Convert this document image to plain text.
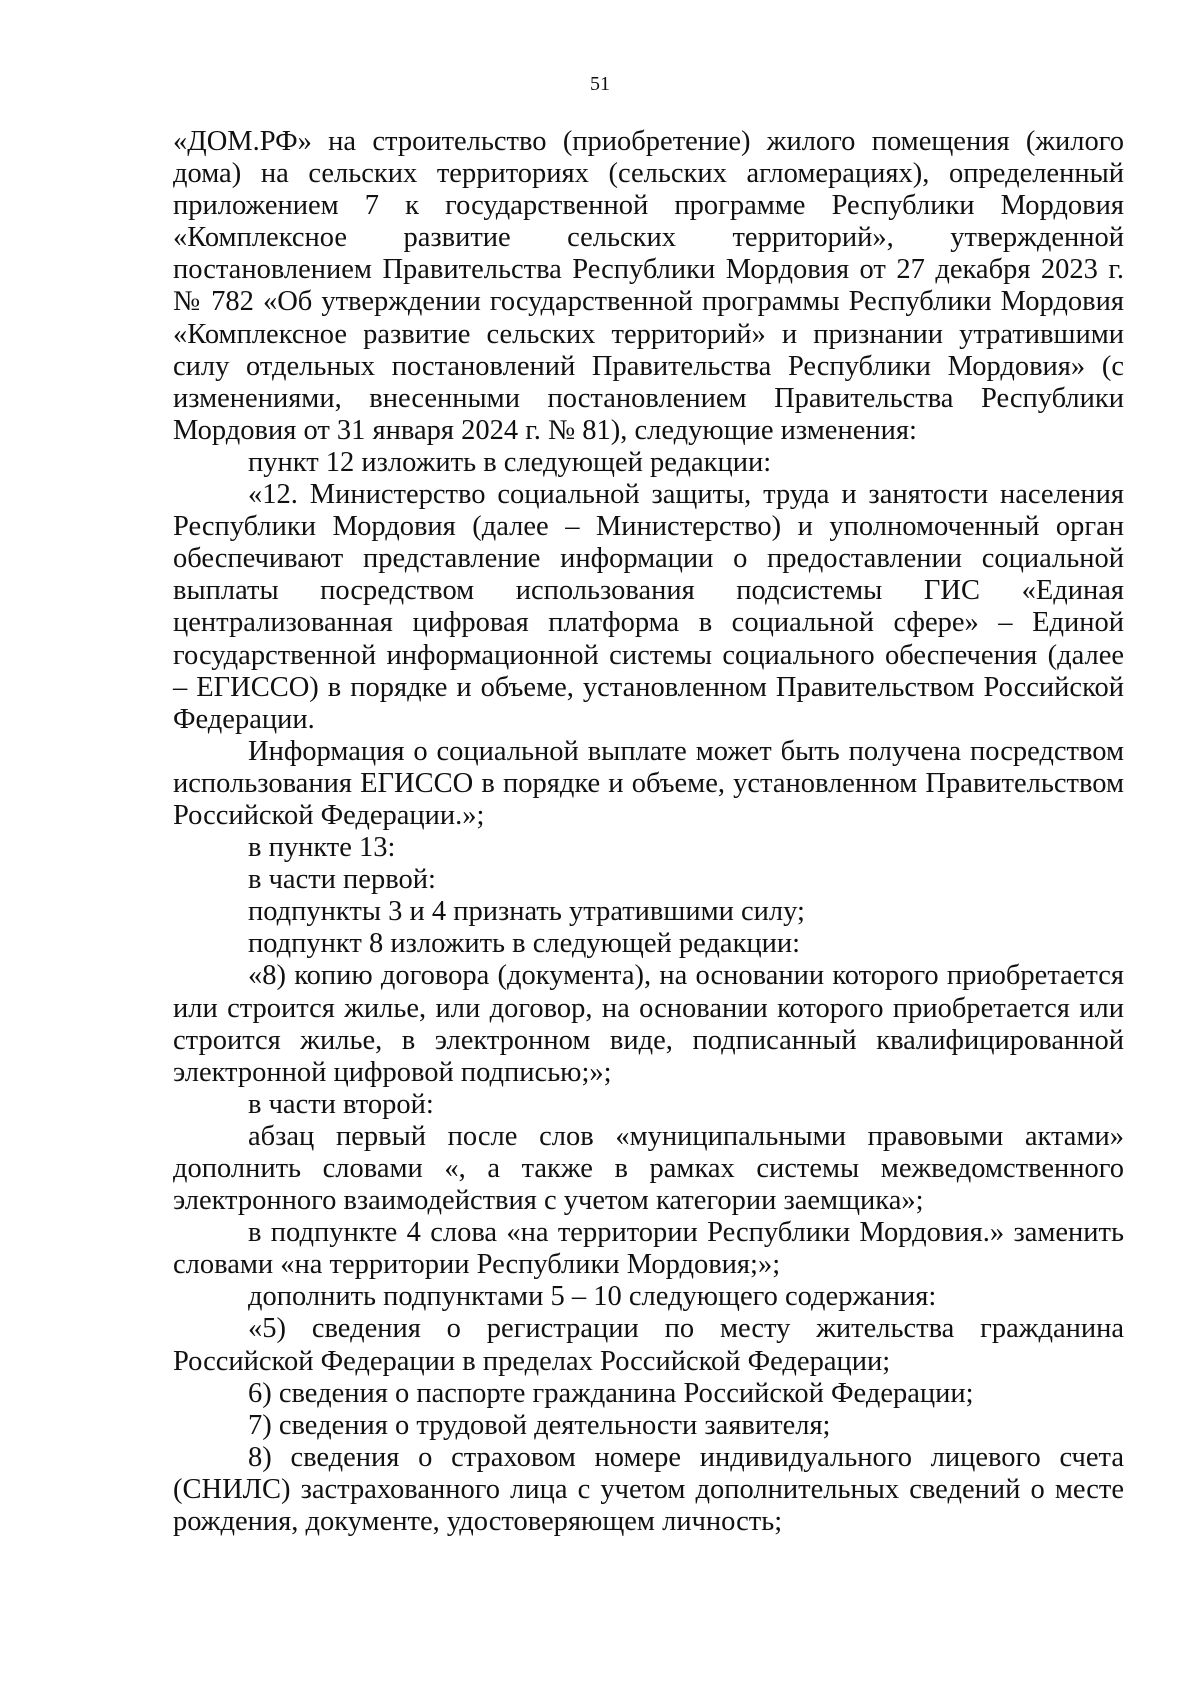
51

«ДОМ.РФ» на строительство (приобретение) жилого помещения (жилого дома) на сельских территориях (сельских агломерациях), определенный приложением 7 к государственной программе Республики Мордовия «Комплексное развитие сельских территорий», утвержденной постановлением Правительства Республики Мордовия от 27 декабря 2023 г. № 782 «Об утверждении государственной программы Республики Мордовия «Комплексное развитие сельских территорий» и признании утратившими силу отдельных постановлений Правительства Республики Мордовия» (с изменениями, внесенными постановлением Правительства Республики Мордовия от 31 января 2024 г. № 81), следующие изменения:

пункт 12 изложить в следующей редакции:

«12. Министерство социальной защиты, труда и занятости населения Республики Мордовия (далее – Министерство) и уполномоченный орган обеспечивают представление информации о предоставлении социальной выплаты посредством использования подсистемы ГИС «Единая централизованная цифровая платформа в социальной сфере» – Единой государственной информационной системы социального обеспечения (далее – ЕГИССО) в порядке и объеме, установленном Правительством Российской Федерации.

Информация о социальной выплате может быть получена посредством использования ЕГИССО в порядке и объеме, установленном Правительством Российской Федерации.»;

в пункте 13:

в части первой:

подпункты 3 и 4 признать утратившими силу;

подпункт 8 изложить в следующей редакции:

«8) копию договора (документа), на основании которого приобретается или строится жилье, или договор, на основании которого приобретается или строится жилье, в электронном виде, подписанный квалифицированной электронной цифровой подписью;»;

в части второй:

абзац первый после слов «муниципальными правовыми актами» дополнить словами «, а также в рамках системы межведомственного электронного взаимодействия с учетом категории заемщика»;

в подпункте 4 слова «на территории Республики Мордовия.» заменить словами «на территории Республики Мордовия;»;

дополнить подпунктами 5 – 10 следующего содержания:

«5) сведения о регистрации по месту жительства гражданина Российской Федерации в пределах Российской Федерации;

6) сведения о паспорте гражданина Российской Федерации;

7) сведения о трудовой деятельности заявителя;

8) сведения о страховом номере индивидуального лицевого счета (СНИЛС) застрахованного лица с учетом дополнительных сведений о месте рождения, документе, удостоверяющем личность;
